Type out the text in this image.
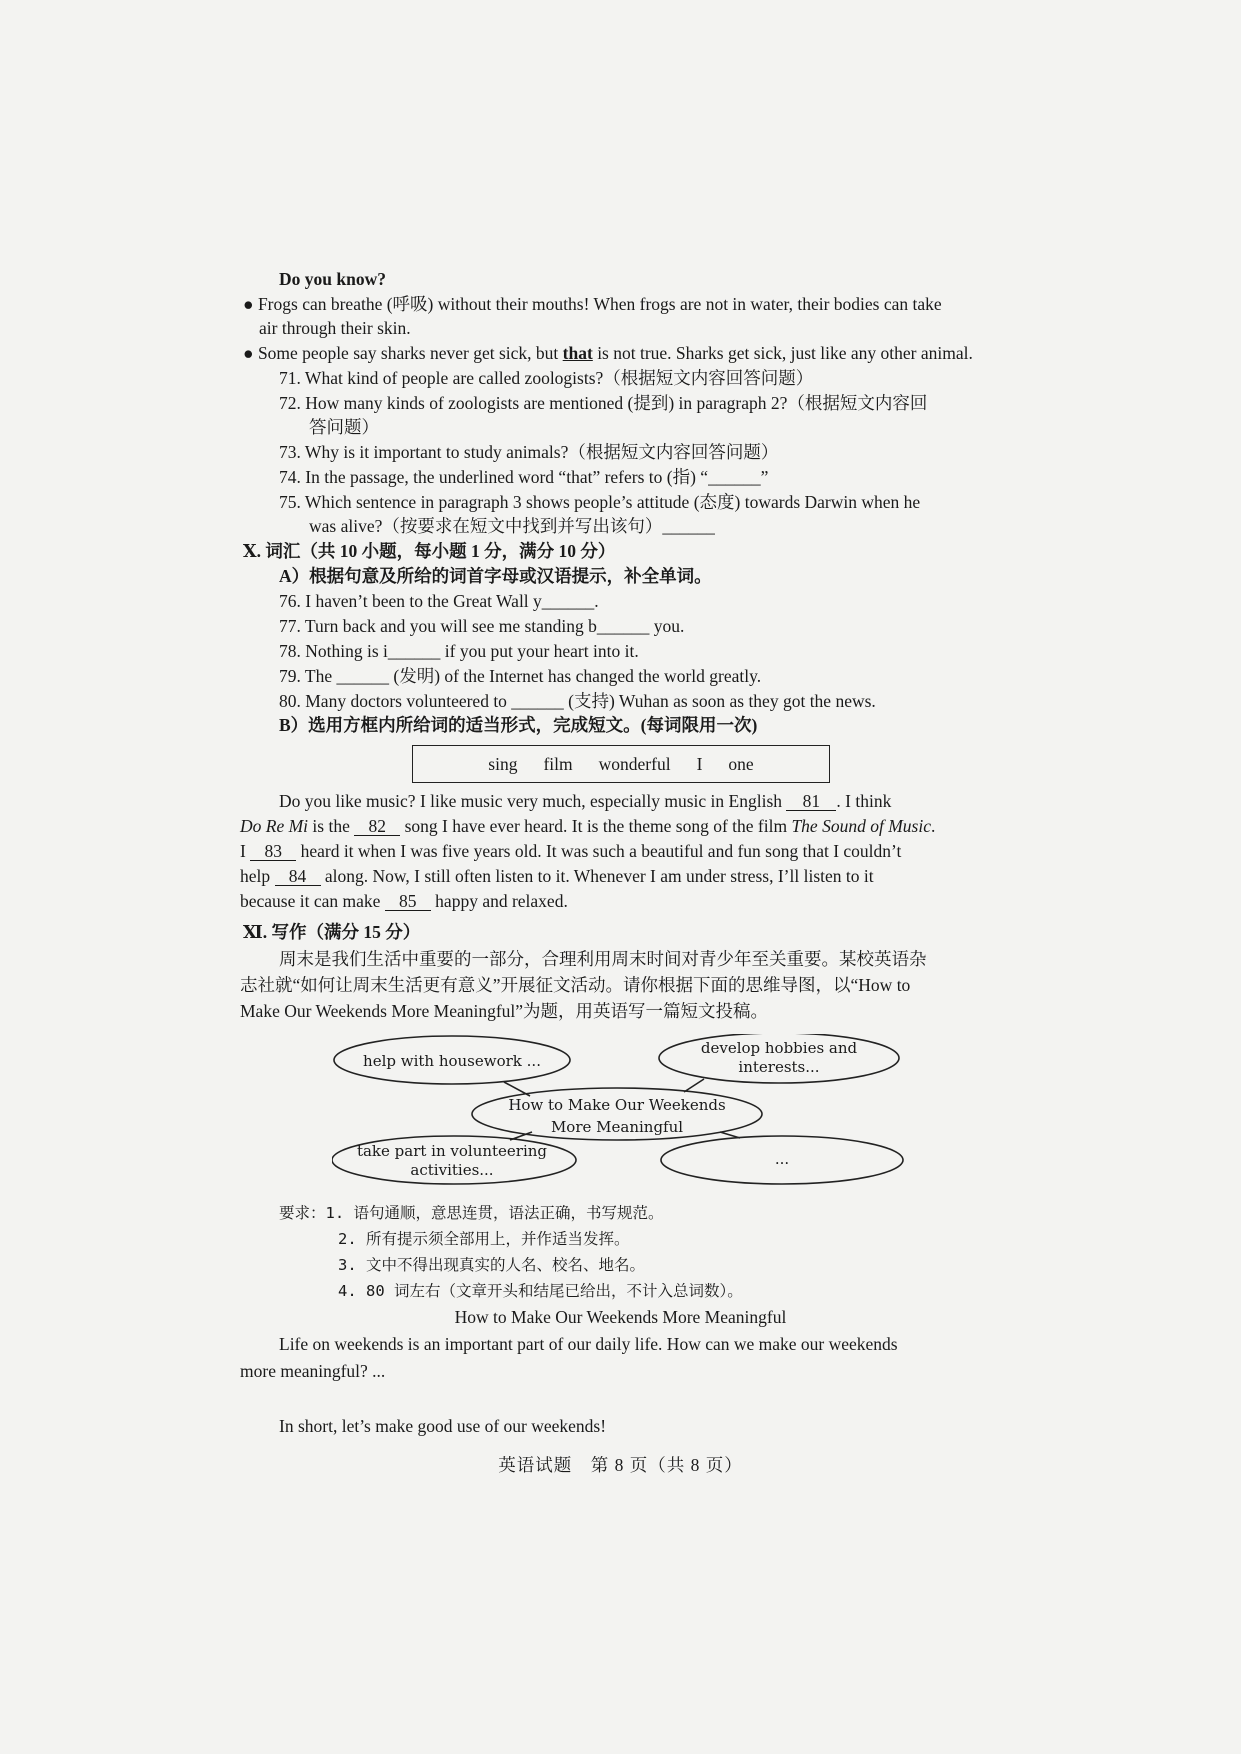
Do you know?
● Frogs can breathe (呼吸) without their mouths! When frogs are not in water, their bodies can take
air through their skin.
● Some people say sharks never get sick, but that is not true. Sharks get sick, just like any other animal.
71. What kind of people are called zoologists?（根据短文内容回答问题）
72. How many kinds of zoologists are mentioned (提到) in paragraph 2?（根据短文内容回
答问题）
73. Why is it important to study animals?（根据短文内容回答问题）
74. In the passage, the underlined word “that” refers to (指) “______”
75. Which sentence in paragraph 3 shows people’s attitude (态度) towards Darwin when he
was alive?（按要求在短文中找到并写出该句）______
Ⅹ. 词汇（共 10 小题，每小题 1 分，满分 10 分）
A）根据句意及所给的词首字母或汉语提示，补全单词。
76. I haven’t been to the Great Wall y______.
77. Turn back and you will see me standing b______ you.
78. Nothing is i______ if you put your heart into it.
79. The ______ (发明) of the Internet has changed the world greatly.
80. Many doctors volunteered to ______ (支持) Wuhan as soon as they got the news.
B）选用方框内所给词的适当形式，完成短文。(每词限用一次)
sing film wonderful I one
Do you like music? I like music very much, especially music in English 81 . I think
Do Re Mi is the 82 song I have ever heard. It is the theme song of the film The Sound of Music.
I 83 heard it when I was five years old. It was such a beautiful and fun song that I couldn’t
help 84 along. Now, I still often listen to it. Whenever I am under stress, I’ll listen to it
because it can make 85 happy and relaxed.
Ⅺ. 写作（满分 15 分）
周末是我们生活中重要的一部分，合理利用周末时间对青少年至关重要。某校英语杂
志社就“如何让周末生活更有意义”开展征文活动。请你根据下面的思维导图，以“How to
Make Our Weekends More Meaningful”为题，用英语写一篇短文投稿。
help with housework ...
develop hobbies and
interests...
How to Make Our Weekends
More Meaningful
take part in volunteering
activities...
...
要求：1. 语句通顺，意思连贯，语法正确，书写规范。
2. 所有提示须全部用上，并作适当发挥。
3. 文中不得出现真实的人名、校名、地名。
4. 80 词左右（文章开头和结尾已给出，不计入总词数）。
How to Make Our Weekends More Meaningful
Life on weekends is an important part of our daily life. How can we make our weekends
more meaningful? ...
In short, let’s make good use of our weekends!
英语试题　第 8 页（共 8 页）
